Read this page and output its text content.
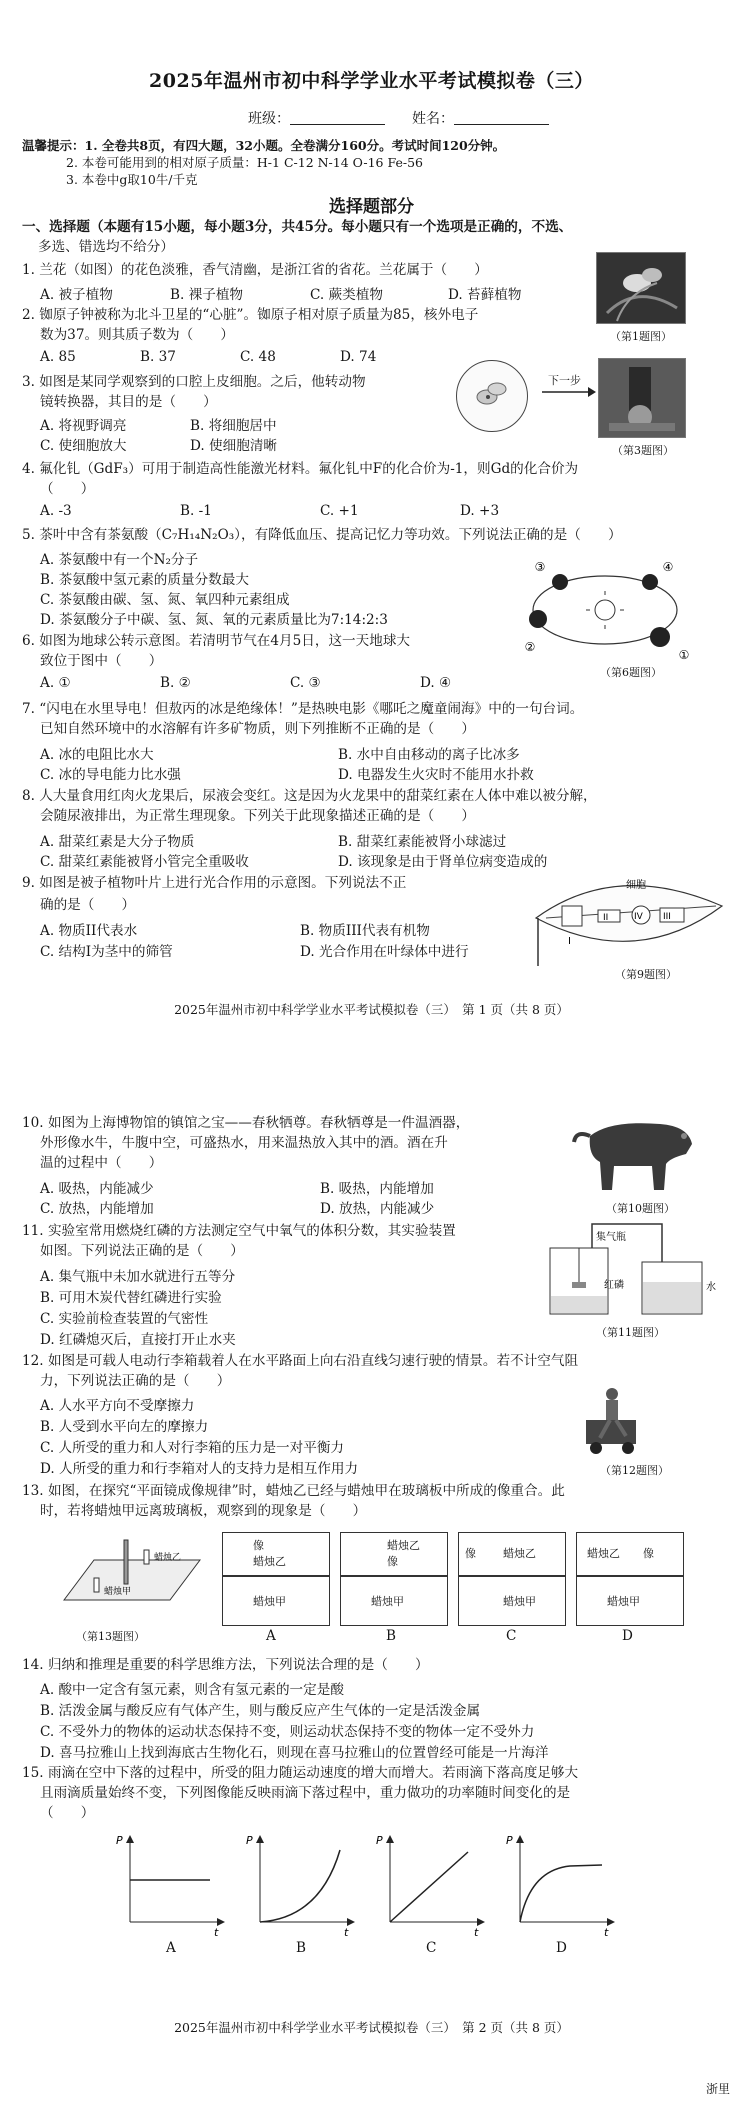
2025年温州市初中科学学业水平考试模拟卷（三）
班级：	姓名：
温馨提示：1. 全卷共8页，有四大题，32小题。全卷满分160分。考试时间120分钟。
2. 本卷可能用到的相对原子质量：H-1 C-12 N-14 O-16 Fe-56
3. 本卷中g取10牛/千克
选择题部分
一、选择题（本题有15小题，每小题3分，共45分。每小题只有一个选项是正确的，不选、
多选、错选均不给分）
1. 兰花（如图）的花色淡雅，香气清幽，是浙江省的省花。兰花属于（　　）
A. 被子植物	B. 裸子植物	C. 蕨类植物	D. 苔藓植物
（第1题图）
2. 铷原子钟被称为北斗卫星的“心脏”。铷原子相对原子质量为85，核外电子
数为37。则其质子数为（　　）
A. 85	B. 37	C. 48	D. 74
3. 如图是某同学观察到的口腔上皮细胞。之后，他转动物
镜转换器，其目的是（　　）
A. 将视野调亮	B. 将细胞居中
C. 使细胞放大	D. 使细胞清晰
下一步
（第3题图）
4. 氟化钆（GdF₃）可用于制造高性能激光材料。氟化钆中F的化合价为-1，则Gd的化合价为
（　　）
A. -3	B. -1	C. +1	D. +3
5. 茶叶中含有茶氨酸（C₇H₁₄N₂O₃），有降低血压、提高记忆力等功效。下列说法正确的是（　　）
A. 茶氨酸中有一个N₂分子
B. 茶氨酸中氢元素的质量分数最大
C. 茶氨酸由碳、氢、氮、氧四种元素组成
D. 茶氨酸分子中碳、氢、氮、氧的元素质量比为7:14:2:3
③	④
②
①
（第6题图）
6. 如图为地球公转示意图。若清明节气在4月5日，这一天地球大
致位于图中（　　）
A. ①	B. ②	C. ③	D. ④
7. “闪电在水里导电！但敖丙的冰是绝缘体！”是热映电影《哪吒之魔童闹海》中的一句台词。
已知自然环境中的水溶解有许多矿物质，则下列推断不正确的是（　　）
A. 冰的电阻比水大	B. 水中自由移动的离子比冰多
C. 冰的导电能力比水强	D. 电器发生火灾时不能用水扑救
8. 人大量食用红肉火龙果后，尿液会变红。这是因为火龙果中的甜菜红素在人体中难以被分解，
会随尿液排出，为正常生理现象。下列关于此现象描述正确的是（　　）
A. 甜菜红素是大分子物质	B. 甜菜红素能被肾小球滤过
C. 甜菜红素能被肾小管完全重吸收	D. 该现象是由于肾单位病变造成的
9. 如图是被子植物叶片上进行光合作用的示意图。下列说法不正
确的是（　　）
A. 物质II代表水	B. 物质III代表有机物
C. 结构I为茎中的筛管	D. 光合作用在叶绿体中进行
I
II	III
IV
细胞
（第9题图）
2025年温州市初中科学学业水平考试模拟卷（三）　第 1 页（共 8 页）
10. 如图为上海博物馆的镇馆之宝——春秋牺尊。春秋牺尊是一件温酒器，
外形像水牛，牛腹中空，可盛热水，用来温热放入其中的酒。酒在升
温的过程中（　　）
A. 吸热，内能减少	B. 吸热，内能增加
C. 放热，内能增加	D. 放热，内能减少	（第10题图）
11. 实验室常用燃烧红磷的方法测定空气中氧气的体积分数，其实验装置
如图。下列说法正确的是（　　）
A. 集气瓶中未加水就进行五等分
B. 可用木炭代替红磷进行实验
C. 实验前检查装置的气密性
D. 红磷熄灭后，直接打开止水夹
集气瓶
红磷	水
（第11题图）
12. 如图是可载人电动行李箱载着人在水平路面上向右沿直线匀速行驶的情景。若不计空气阻
力，下列说法正确的是（　　）
A. 人水平方向不受摩擦力
B. 人受到水平向左的摩擦力
C. 人所受的重力和人对行李箱的压力是一对平衡力
D. 人所受的重力和行李箱对人的支持力是相互作用力	（第12题图）
13. 如图，在探究“平面镜成像规律”时，蜡烛乙已经与蜡烛甲在玻璃板中所成的像重合。此
时，若将蜡烛甲远离玻璃板，观察到的现象是（　　）
蜡烛乙
蜡烛甲
（第13题图）
蜡烛甲
像
蜡烛乙
A
蜡烛甲
蜡烛乙
像
B
蜡烛甲
像 蜡烛乙
C
蜡烛甲
蜡烛乙 像
D
14. 归纳和推理是重要的科学思维方法，下列说法合理的是（　　）
A. 酸中一定含有氢元素，则含有氢元素的一定是酸
B. 活泼金属与酸反应有气体产生，则与酸反应产生气体的一定是活泼金属
C. 不受外力的物体的运动状态保持不变，则运动状态保持不变的物体一定不受外力
D. 喜马拉雅山上找到海底古生物化石，则现在喜马拉雅山的位置曾经可能是一片海洋
15. 雨滴在空中下落的过程中，所受的阻力随运动速度的增大而增大。若雨滴下落高度足够大
且雨滴质量始终不变，下列图像能反映雨滴下落过程中，重力做功的功率随时间变化的是
（　　）
P
t
A
P
t
B
P
t
C
P
t
D
2025年温州市初中科学学业水平考试模拟卷（三）　第 2 页（共 8 页）
浙里
